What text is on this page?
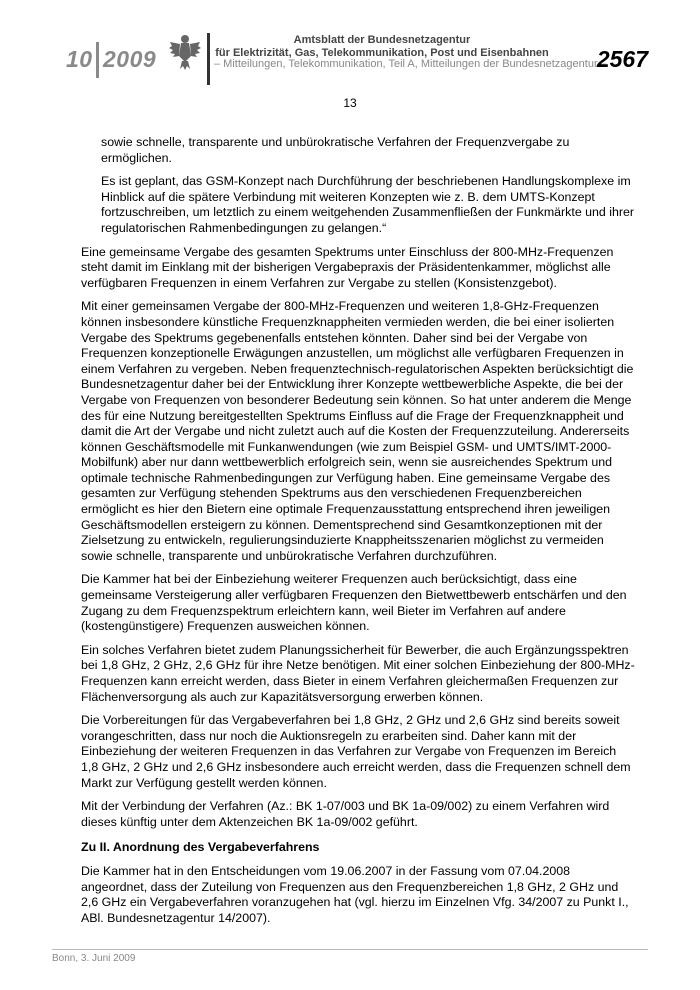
10 2009
Amtsblatt der Bundesnetzagentur
für Elektrizität, Gas, Telekommunikation, Post und Eisenbahnen
– Mitteilungen, Telekommunikation, Teil A, Mitteilungen der Bundesnetzagentur –
2567
13

sowie schnelle, transparente und unbürokratische Verfahren der Frequenzvergabe zu ermöglichen.

Es ist geplant, das GSM-Konzept nach Durchführung der beschriebenen Handlungskomplexe im Hinblick auf die spätere Verbindung mit weiteren Konzepten wie z. B. dem UMTS-Konzept fortzuschreiben, um letztlich zu einem weitgehenden Zusammenfließen der Funkmärkte und ihrer regulatorischen Rahmenbedingungen zu gelangen.“

Eine gemeinsame Vergabe des gesamten Spektrums unter Einschluss der 800-MHz-Frequenzen steht damit im Einklang mit der bisherigen Vergabepraxis der Präsidentenkammer, möglichst alle verfügbaren Frequenzen in einem Verfahren zur Vergabe zu stellen (Konsistenzgebot).

Mit einer gemeinsamen Vergabe der 800-MHz-Frequenzen und weiteren 1,8-GHz-Frequenzen können insbesondere künstliche Frequenzknappheiten vermieden werden, die bei einer isolierten Vergabe des Spektrums gegebenenfalls entstehen könnten. Daher sind bei der Vergabe von Frequenzen konzeptionelle Erwägungen anzustellen, um möglichst alle verfügbaren Frequenzen in einem Verfahren zu vergeben. Neben frequenztechnisch-regulatorischen Aspekten berücksichtigt die Bundesnetzagentur daher bei der Entwicklung ihrer Konzepte wettbewerbliche Aspekte, die bei der Vergabe von Frequenzen von besonderer Bedeutung sein können. So hat unter anderem die Menge des für eine Nutzung bereitgestellten Spektrums Einfluss auf die Frage der Frequenzknappheit und damit die Art der Vergabe und nicht zuletzt auch auf die Kosten der Frequenzzuteilung. Andererseits können Geschäftsmodelle mit Funkanwendungen (wie zum Beispiel GSM- und UMTS/IMT-2000-Mobilfunk) aber nur dann wettbewerblich erfolgreich sein, wenn sie ausreichendes Spektrum und optimale technische Rahmenbedingungen zur Verfügung haben. Eine gemeinsame Vergabe des gesamten zur Verfügung stehenden Spektrums aus den verschiedenen Frequenzbereichen ermöglicht es hier den Bietern eine optimale Frequenzausstattung entsprechend ihren jeweiligen Geschäftsmodellen ersteigern zu können. Dementsprechend sind Gesamtkonzeptionen mit der Zielsetzung zu entwickeln, regulierungsinduzierte Knappheitsszenarien möglichst zu vermeiden sowie schnelle, transparente und unbürokratische Verfahren durchzuführen.

Die Kammer hat bei der Einbeziehung weiterer Frequenzen auch berücksichtigt, dass eine gemeinsame Versteigerung aller verfügbaren Frequenzen den Bietwettbewerb entschärfen und den Zugang zu dem Frequenzspektrum erleichtern kann, weil Bieter im Verfahren auf andere (kostengünstigere) Frequenzen ausweichen können.

Ein solches Verfahren bietet zudem Planungssicherheit für Bewerber, die auch Ergänzungsspektren bei 1,8 GHz, 2 GHz, 2,6 GHz für ihre Netze benötigen. Mit einer solchen Einbeziehung der 800-MHz-Frequenzen kann erreicht werden, dass Bieter in einem Verfahren gleichermaßen Frequenzen zur Flächenversorgung als auch zur Kapazitätsversorgung erwerben können.

Die Vorbereitungen für das Vergabeverfahren bei 1,8 GHz, 2 GHz und 2,6 GHz sind bereits soweit vorangeschritten, dass nur noch die Auktionsregeln zu erarbeiten sind. Daher kann mit der Einbeziehung der weiteren Frequenzen in das Verfahren zur Vergabe von Frequenzen im Bereich 1,8 GHz, 2 GHz und 2,6 GHz insbesondere auch erreicht werden, dass die Frequenzen schnell dem Markt zur Verfügung gestellt werden können.

Mit der Verbindung der Verfahren (Az.: BK 1-07/003 und BK 1a-09/002) zu einem Verfahren wird dieses künftig unter dem Aktenzeichen BK 1a-09/002 geführt.

Zu II. Anordnung des Vergabeverfahrens

Die Kammer hat in den Entscheidungen vom 19.06.2007 in der Fassung vom 07.04.2008 angeordnet, dass der Zuteilung von Frequenzen aus den Frequenzbereichen 1,8 GHz, 2 GHz und 2,6 GHz ein Vergabeverfahren voranzugehen hat (vgl. hierzu im Einzelnen Vfg. 34/2007 zu Punkt I., ABl. Bundesnetzagentur 14/2007).

Bonn, 3. Juni 2009
